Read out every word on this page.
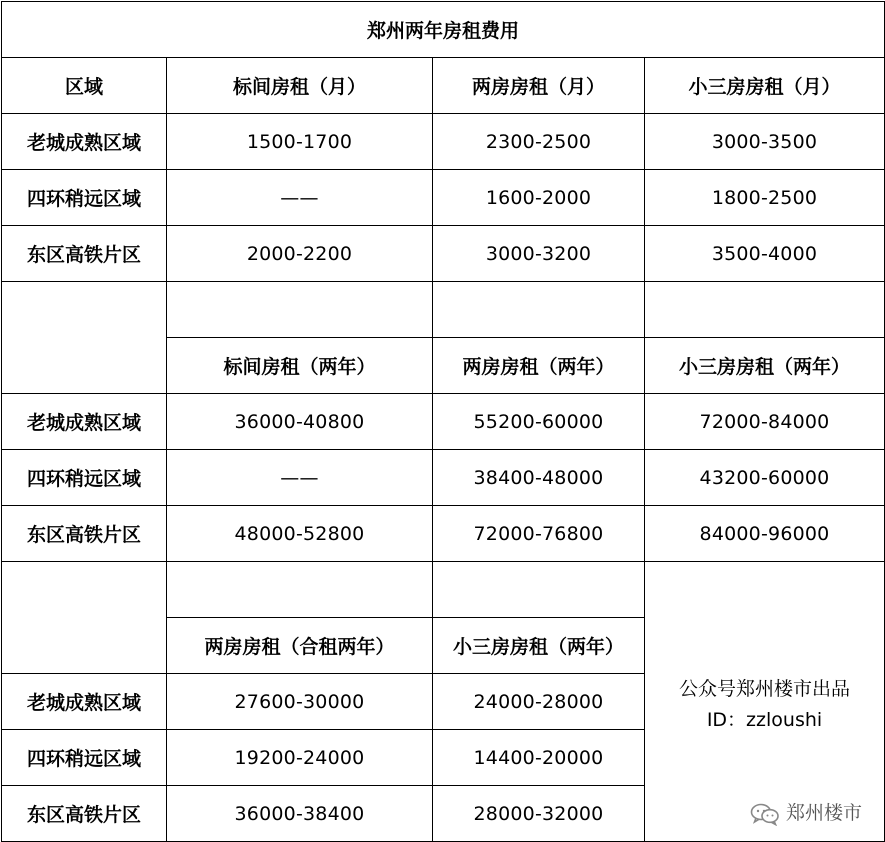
郑州两年房租费用			
区域	标间房租（月）	两房房租（月）	小三房房租（月）
老城成熟区域	1500-1700	2300-2500	3000-3500
四环稍远区域	——	1600-2000	1800-2500
东区高铁片区	2000-2200	3000-3200	3500-4000

	标间房租（两年）	两房房租（两年）	小三房房租（两年）
老城成熟区域	36000-40800	55200-60000	72000-84000
四环稍远区域	——	38400-48000	43200-60000
东区高铁片区	48000-52800	72000-76800	84000-96000

			公众号郑州楼市出品
ID：zzloushi
郑州楼市

	两房房租（合租两年）	小三房房租（两年）	
老城成熟区域	27600-30000	24000-28000	
四环稍远区域	19200-24000	14400-20000	
东区高铁片区	36000-38400	28000-32000	
